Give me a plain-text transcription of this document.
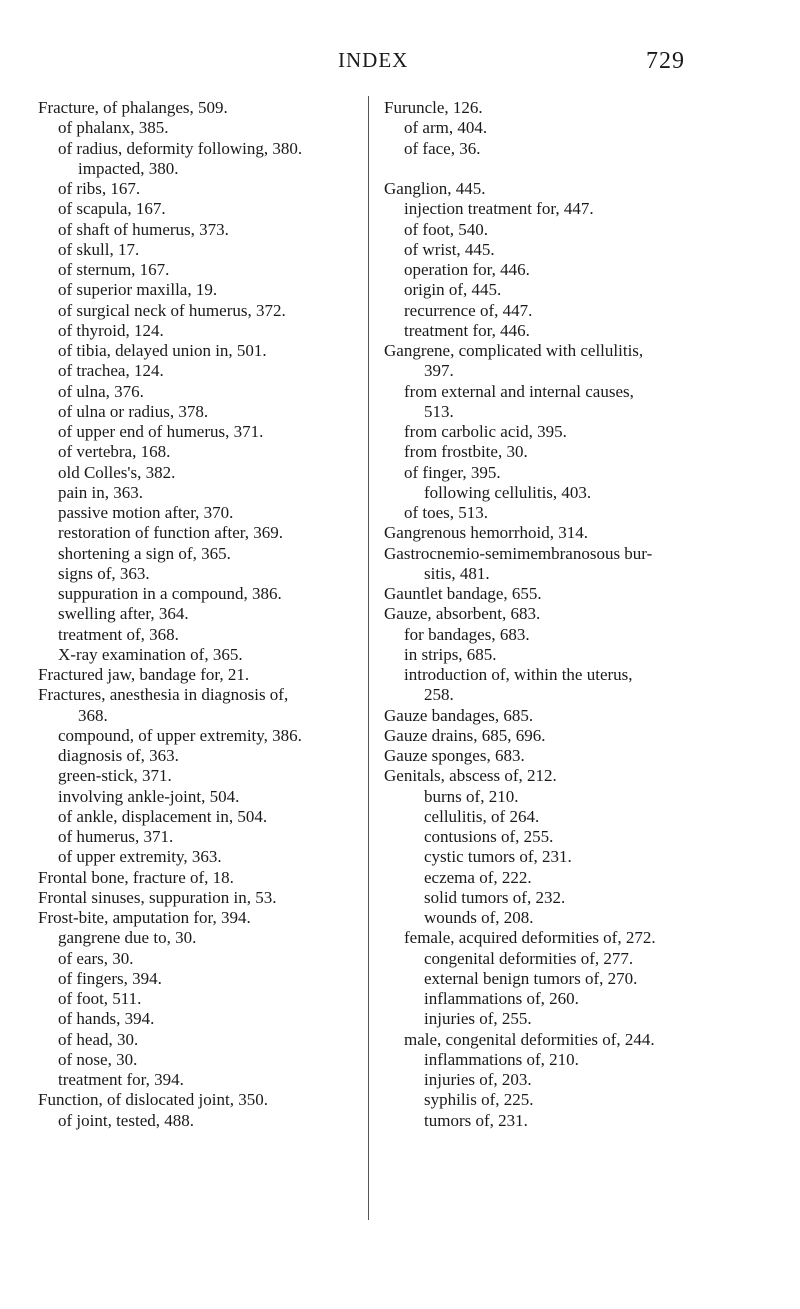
INDEX	729
Fracture, of phalanges, 509.
of phalanx, 385.
of radius, deformity following, 380.
impacted, 380.
of ribs, 167.
of scapula, 167.
of shaft of humerus, 373.
of skull, 17.
of sternum, 167.
of superior maxilla, 19.
of surgical neck of humerus, 372.
of thyroid, 124.
of tibia, delayed union in, 501.
of trachea, 124.
of ulna, 376.
of ulna or radius, 378.
of upper end of humerus, 371.
of vertebra, 168.
old Colles's, 382.
pain in, 363.
passive motion after, 370.
restoration of function after, 369.
shortening a sign of, 365.
signs of, 363.
suppuration in a compound, 386.
swelling after, 364.
treatment of, 368.
X-ray examination of, 365.
Fractured jaw, bandage for, 21.
Fractures, anesthesia in diagnosis of,
368.
compound, of upper extremity, 386.
diagnosis of, 363.
green-stick, 371.
involving ankle-joint, 504.
of ankle, displacement in, 504.
of humerus, 371.
of upper extremity, 363.
Frontal bone, fracture of, 18.
Frontal sinuses, suppuration in, 53.
Frost-bite, amputation for, 394.
gangrene due to, 30.
of ears, 30.
of fingers, 394.
of foot, 511.
of hands, 394.
of head, 30.
of nose, 30.
treatment for, 394.
Function, of dislocated joint, 350.
of joint, tested, 488.
Furuncle, 126.
of arm, 404.
of face, 36.
Ganglion, 445.
injection treatment for, 447.
of foot, 540.
of wrist, 445.
operation for, 446.
origin of, 445.
recurrence of, 447.
treatment for, 446.
Gangrene, complicated with cellulitis,
397.
from external and internal causes,
513.
from carbolic acid, 395.
from frostbite, 30.
of finger, 395.
following cellulitis, 403.
of toes, 513.
Gangrenous hemorrhoid, 314.
Gastrocnemio-semimembranosous bur-
sitis, 481.
Gauntlet bandage, 655.
Gauze, absorbent, 683.
for bandages, 683.
in strips, 685.
introduction of, within the uterus,
258.
Gauze bandages, 685.
Gauze drains, 685, 696.
Gauze sponges, 683.
Genitals, abscess of, 212.
burns of, 210.
cellulitis, of 264.
contusions of, 255.
cystic tumors of, 231.
eczema of, 222.
solid tumors of, 232.
wounds of, 208.
female, acquired deformities of, 272.
congenital deformities of, 277.
external benign tumors of, 270.
inflammations of, 260.
injuries of, 255.
male, congenital deformities of, 244.
inflammations of, 210.
injuries of, 203.
syphilis of, 225.
tumors of, 231.
